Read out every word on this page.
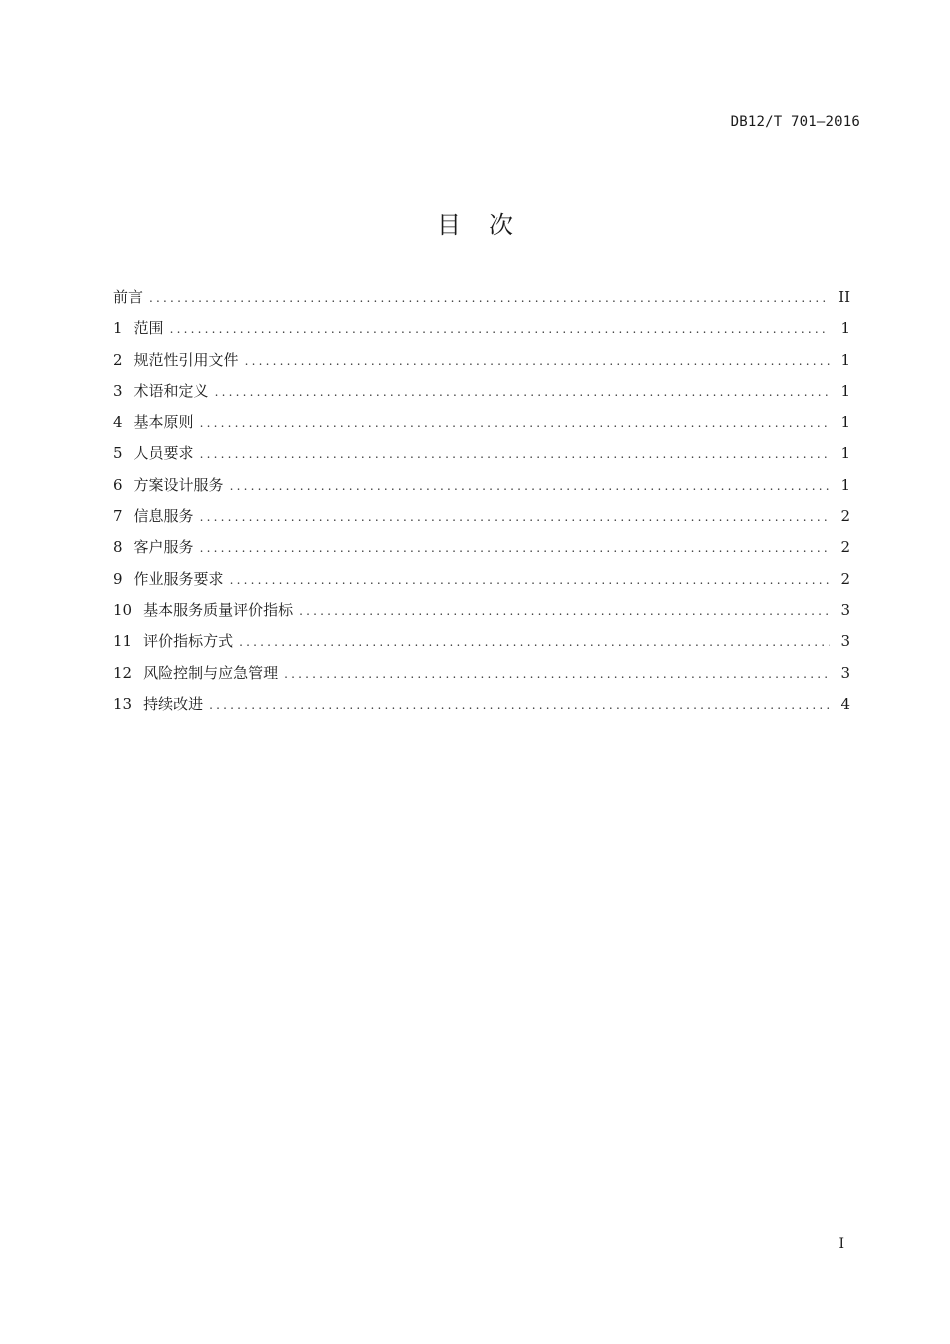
DB12/T 701—2016
目次
前言 .....	II
1 范围 .....	1
2 规范性引用文件 .....	1
3 术语和定义 .....	1
4 基本原则 .....	1
5 人员要求 .....	1
6 方案设计服务 .....	1
7 信息服务 .....	2
8 客户服务 .....	2
9 作业服务要求 .....	2
10 基本服务质量评价指标 .....	3
11 评价指标方式 .....	3
12 风险控制与应急管理 .....	3
13 持续改进 .....	4
I
